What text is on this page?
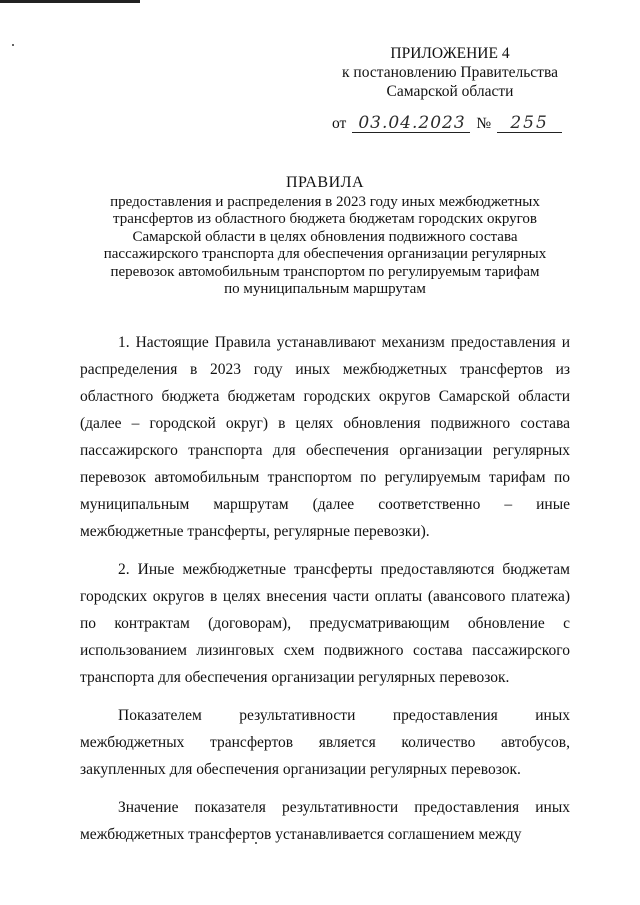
ПРИЛОЖЕНИЕ 4
к постановлению Правительства
Самарской области
от 03.04.2023 №	255
ПРАВИЛА
предоставления и распределения в 2023 году иных межбюджетных
трансфертов из областного бюджета бюджетам городских округов
Самарской области в целях обновления подвижного состава
пассажирского транспорта для обеспечения организации регулярных
перевозок автомобильным транспортом по регулируемым тарифам
по муниципальным маршрутам

1. Настоящие Правила устанавливают механизм предоставления и распределения в 2023 году иных межбюджетных трансфертов из областного бюджета бюджетам городских округов Самарской области (далее – городской округ) в целях обновления подвижного состава пассажирского транспорта для обеспечения организации регулярных перевозок автомобильным транспортом по регулируемым тарифам по муниципальным маршрутам (далее соответственно – иные межбюджетные трансферты, регулярные перевозки).

2. Иные межбюджетные трансферты предоставляются бюджетам городских округов в целях внесения части оплаты (авансового платежа) по контрактам (договорам), предусматривающим обновление с использованием лизинговых схем подвижного состава пассажирского транспорта для обеспечения организации регулярных перевозок.

Показателем результативности предоставления иных межбюджетных трансфертов является количество автобусов, закупленных для обеспечения организации регулярных перевозок.

Значение показателя результативности предоставления иных межбюджетных трансфертов устанавливается соглашением между
